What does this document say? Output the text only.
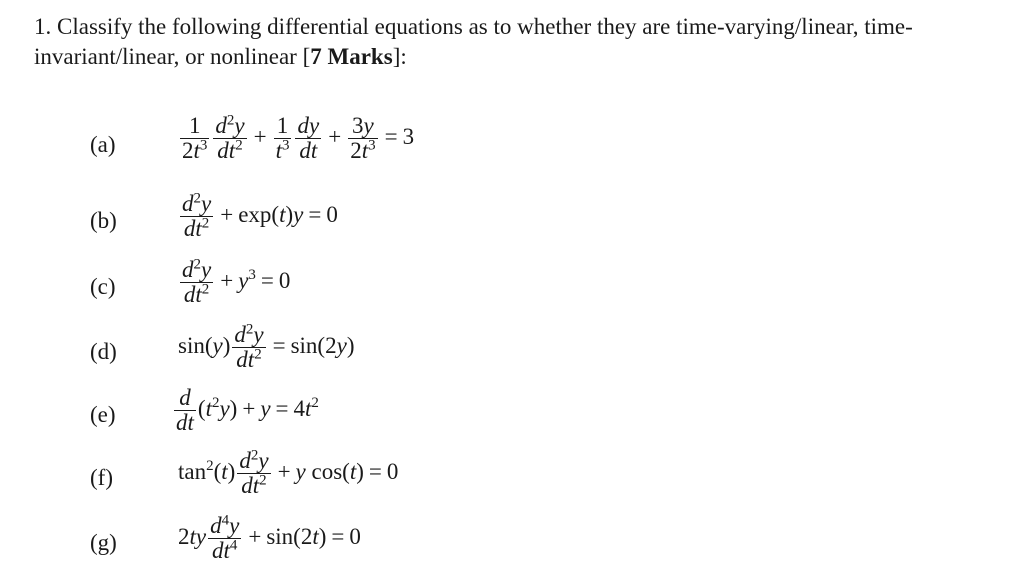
1. Classify the following differential equations as to whether they are time-varying/linear, time-invariant/linear, or nonlinear [7 Marks]:
(a)	$\frac{1}{2t^3} \frac{d^2y}{dt^2} + \frac{1}{t^3} \frac{dy}{dt} + \frac{3y}{2t^3} = 3$
(b)	$\frac{d^2y}{dt^2} + \exp(t)y = 0$
(c)	$\frac{d^2y}{dt^2} + y^3 = 0$
(d)	$\sin(y) \frac{d^2y}{dt^2} = \sin(2y)$
(e)	$\frac{d}{dt} (t^2y) + y = 4t^2$
(f)	$\tan^2(t) \frac{d^2y}{dt^2} + y$ cos(t) = 0
(g)	$2ty \frac{d^4y}{dt^4} + \sin(2t) = 0$
